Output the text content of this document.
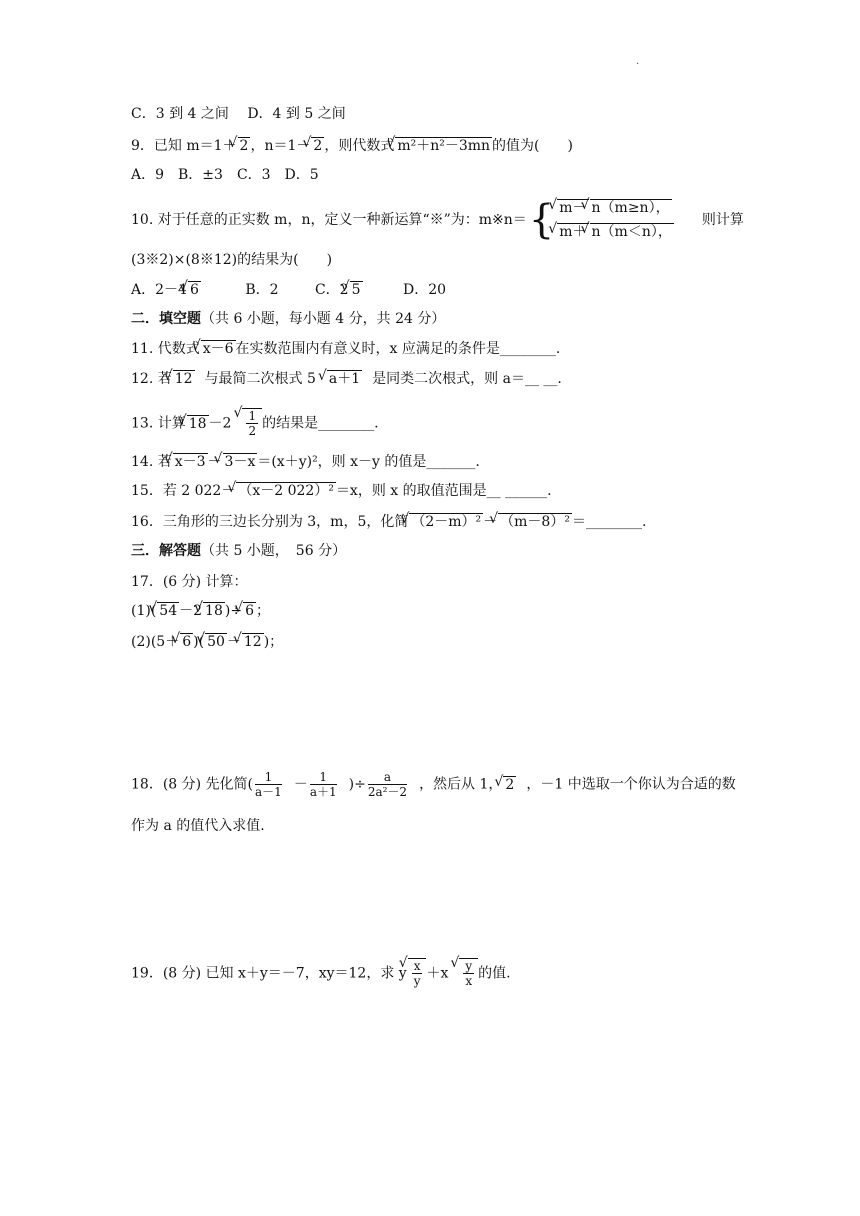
.
C．3 到 4 之间　 D．4 到 5 之间
9．已知 m＝1＋ √ 2 ，n＝1－ √ 2 ，则代数式 √ m²＋n²－3mn 的值为(　　)
A．9　B．±3　C．3　D．5
10. 对于任意的正实数 m，n，定义一种新运算“※”为：m※n＝ { √ m－ √ n（m≥n），
√ m＋ √ n（m＜n），
则计算
(3※2)×(8※12)的结果为(　　)
A．2－4 √ 6	B．2	C．2 √ 5	D．20
二．填空题（共 6 小题，每小题 4 分，共 24 分）
11. 代数式 √ x－6 在实数范围内有意义时，x 应满足的条件是________.
12. 若 √ 12 与最简二次根式 5 √ a＋1 是同类二次根式，则 a＝__ __.
13. 计算 √ 18 －2 √ $\frac{1}{2}$ 的结果是________.
14. 若 √ x－3 － √ 3－x ＝(x＋y)²，则 x－y 的值是_______.
15．若 2 022－ √ （x－2 022）² ＝x，则 x 的取值范围是__ ______.
16．三角形的三边长分别为 3，m，5，化简 √ （2－m）² － √ （m－8）² ＝________.
三．解答题（共 5 小题，　56 分）
17．(6 分) 计算：
(1)( √ 54 －2 √ 18 )÷ √ 6 ；
(2)(5＋ √ 6 )( √ 50 － √ 12 )；
18．(8 分) 先化简( $\frac{1}{a-1} - \frac{1}{a+1}$ )÷ $\frac{a}{\text{2a²－2}}$ ，然后从 1， √ 2 ，－1 中选取一个你认为合适的数
作为 a 的值代入求值.
19．(8 分) 已知 x＋y＝－7，xy＝12，求 y √ $\frac{x}{y} +x$ √ $\frac{y}{x}$ 的值.
